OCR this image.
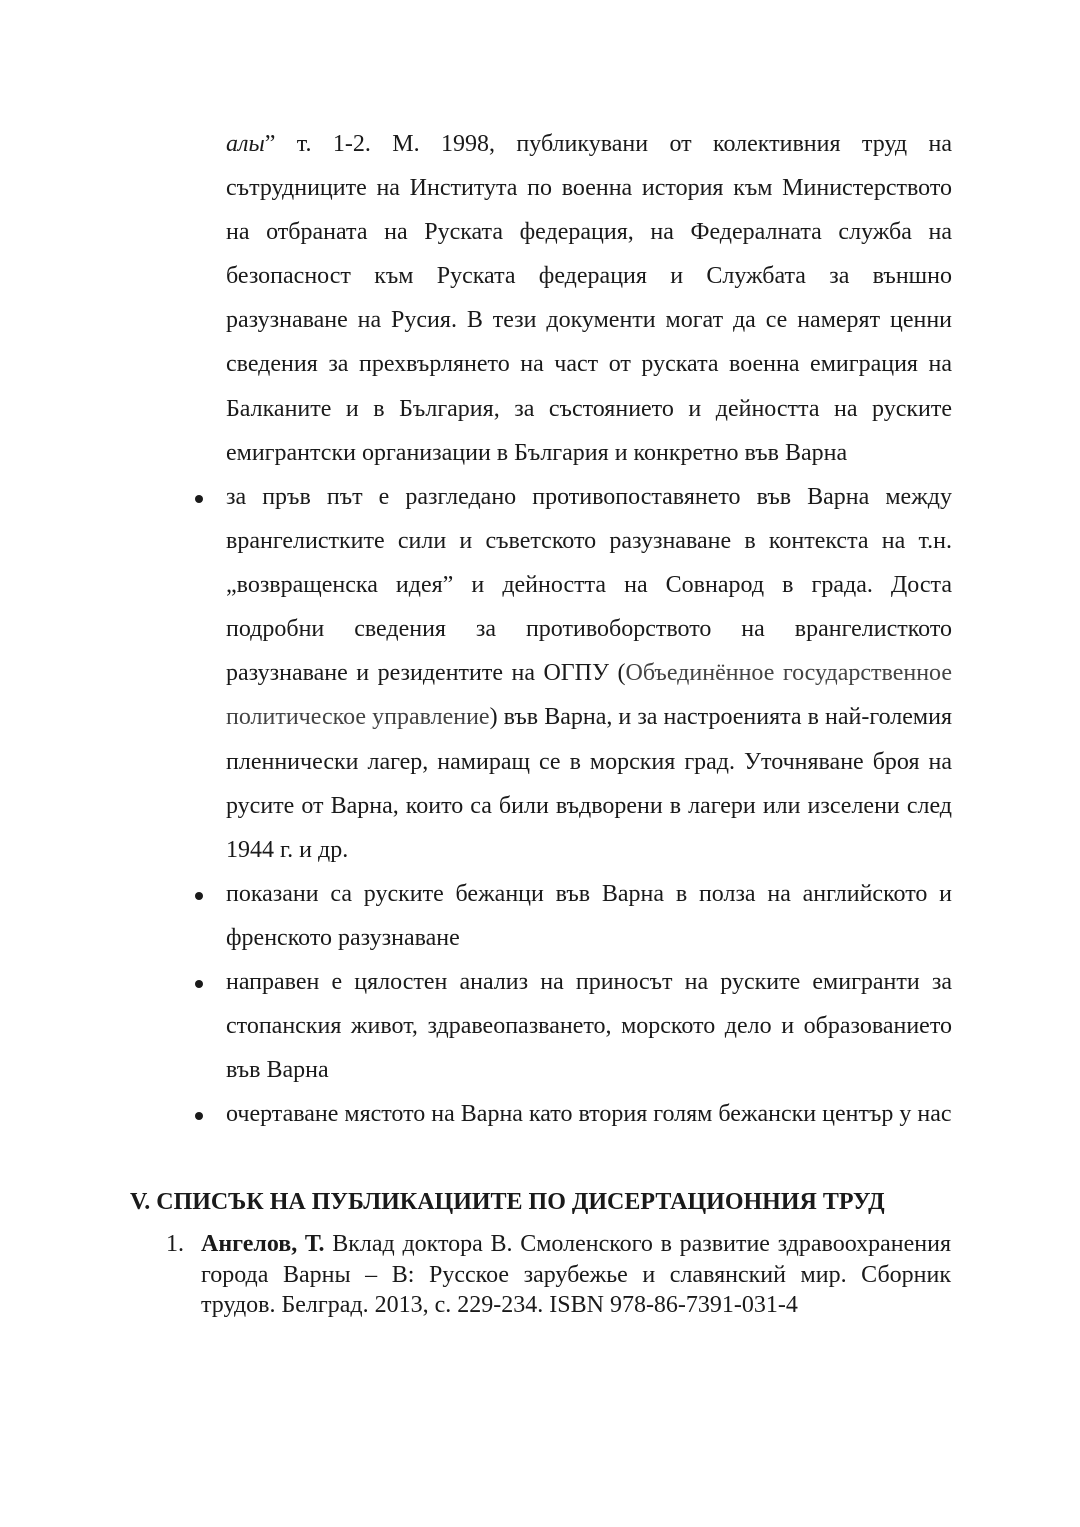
алы” т. 1-2. М. 1998, публикувани от колективния труд на сътрудниците на Института по военна история към Министерството на отбраната на Руската федерация, на Федералната служба на безопасност към Руската федерация и Службата за външно разузнаване на Русия. В тези документи могат да се намерят ценни сведения за прехвърлянето на част от руската военна емиграция на Балканите и в България, за състоянието и дейността на руските емигрантски организации в България и конкретно във Варна
за пръв път е разгледано противопоставянето във Варна между врангелистките сили и съветското разузнаване в контекста на т.н. „возвращенска идея” и дейността на Совнарод в града. Доста подробни сведения за противоборството на врангелисткото разузнаване и резидентите на ОГПУ (Объединённое государственное политическое управление) във Варна, и за настроенията в най-големия пленнически лагер, намиращ се в морския град. Уточняване броя на русите от Варна, които са били въдворени в лагери или изселени след 1944 г. и др.
показани са руските бежанци във Варна в полза на английското и френското разузнаване
направен е цялостен анализ на приносът на руските емигранти за стопанския живот, здравеопазването, морското дело и образованието във Варна
очертаване мястото на Варна като втория голям бежански център у нас
V. СПИСЪК НА ПУБЛИКАЦИИТЕ ПО ДИСЕРТАЦИОННИЯ ТРУД
1. Ангелов, Т. Вклад доктора В. Смоленского в развитие здравоохранения города Варны – В: Русское зарубежье и славянский мир. Сборник трудов. Белград. 2013, с. 229-234. ISBN 978-86-7391-031-4
